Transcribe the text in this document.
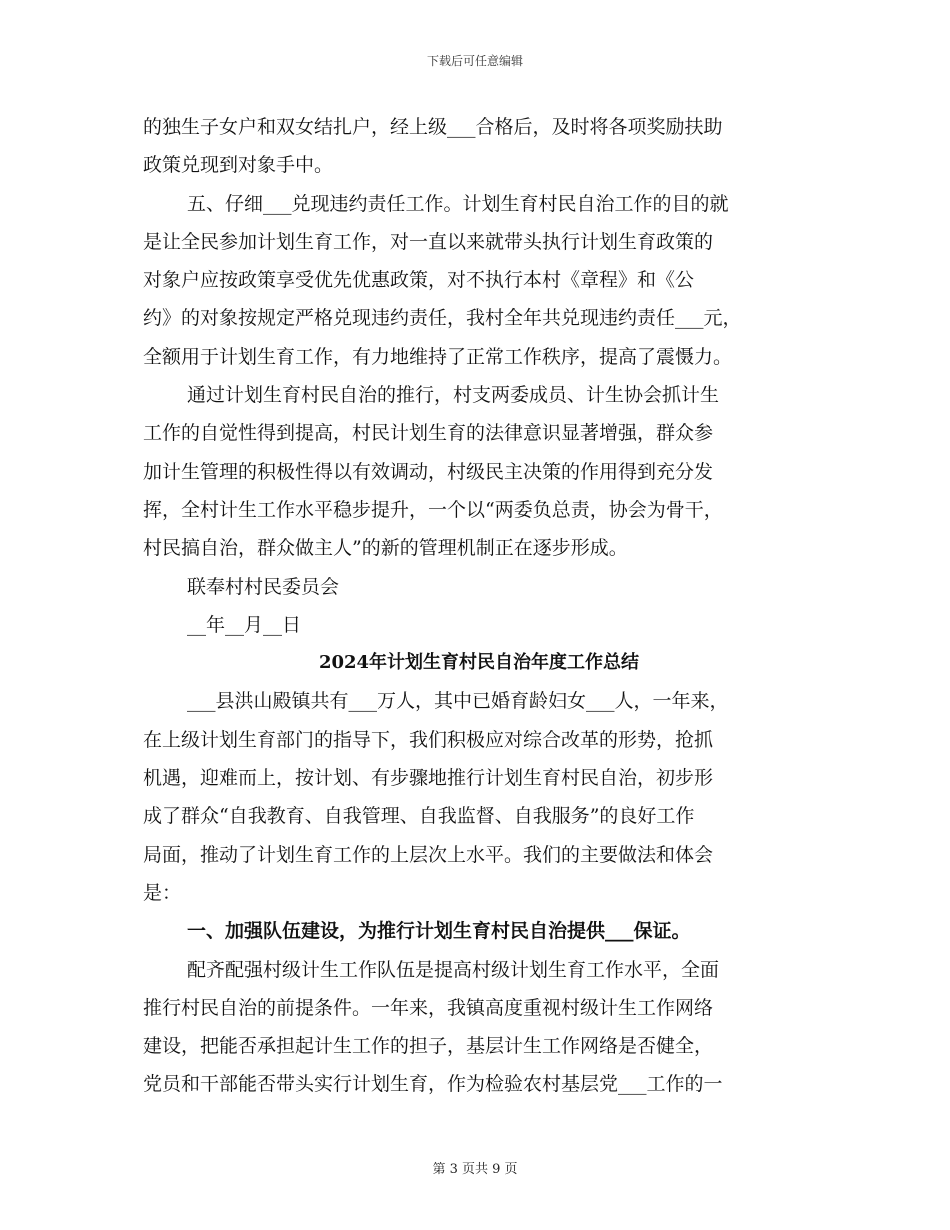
下载后可任意编辑
的独生子女户和双女结扎户，经上级___合格后，及时将各项奖励扶助
政策兑现到对象手中。
五、仔细___兑现违约责任工作。计划生育村民自治工作的目的就
是让全民参加计划生育工作，对一直以来就带头执行计划生育政策的
对象户应按政策享受优先优惠政策，对不执行本村《章程》和《公
约》的对象按规定严格兑现违约责任，我村全年共兑现违约责任___元，
全额用于计划生育工作，有力地维持了正常工作秩序，提高了震慑力。
通过计划生育村民自治的推行，村支两委成员、计生协会抓计生
工作的自觉性得到提高，村民计划生育的法律意识显著增强，群众参
加计生管理的积极性得以有效调动，村级民主决策的作用得到充分发
挥，全村计生工作水平稳步提升，一个以“两委负总责，协会为骨干，
村民搞自治，群众做主人”的新的管理机制正在逐步形成。
联奉村村民委员会
__年__月__日
2024年计划生育村民自治年度工作总结
___县洪山殿镇共有___万人，其中已婚育龄妇女___人，一年来，
在上级计划生育部门的指导下，我们积极应对综合改革的形势，抢抓
机遇，迎难而上，按计划、有步骤地推行计划生育村民自治，初步形
成了群众“自我教育、自我管理、自我监督、自我服务”的良好工作
局面，推动了计划生育工作的上层次上水平。我们的主要做法和体会
是：
一、加强队伍建设，为推行计划生育村民自治提供___保证。
配齐配强村级计生工作队伍是提高村级计划生育工作水平，全面
推行村民自治的前提条件。一年来，我镇高度重视村级计生工作网络
建设，把能否承担起计生工作的担子，基层计生工作网络是否健全，
党员和干部能否带头实行计划生育，作为检验农村基层党___工作的一
第 3 页共 9 页
